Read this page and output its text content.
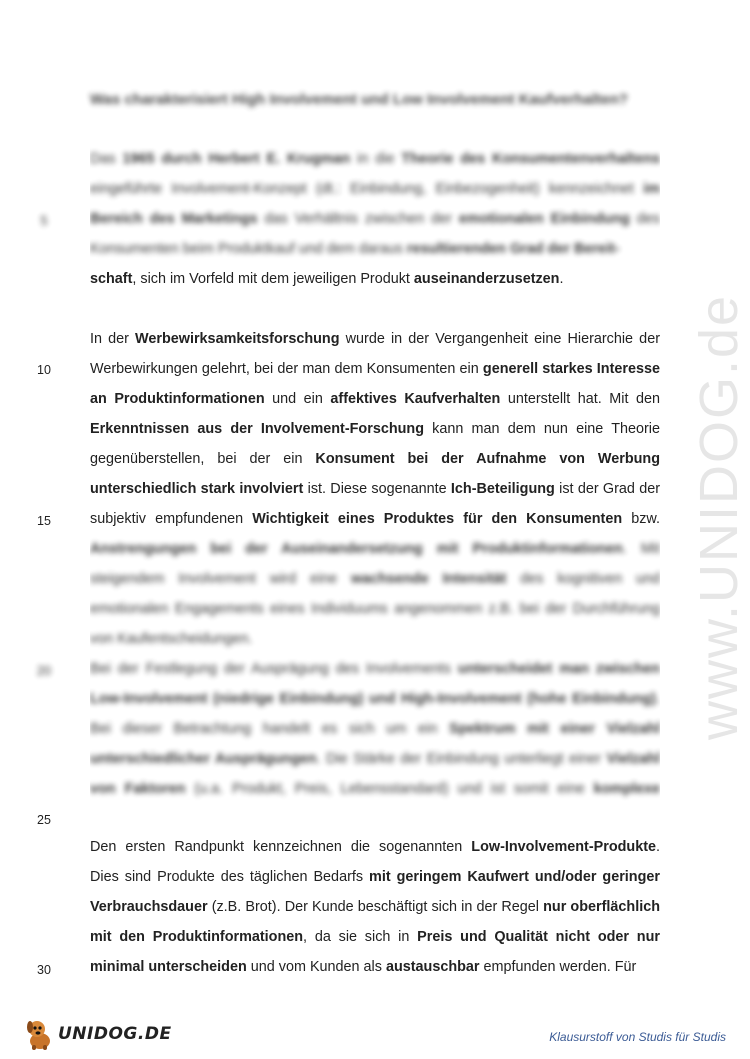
www.UNIDOG.de
Was charakterisiert High Involvement und Low Involvement Kaufverhalten?
Das 1965 durch Herbert E. Krugman in die Theorie des Konsumentenverhaltens eingeführte Involvement-Konzept (dt.: Einbindung, Einbezogenheit) kennzeichnet im Bereich des Marketings das Verhältnis zwischen der emotionalen Einbindung des Konsumenten beim Produktkauf und dem daraus resultierenden Grad der Bereit-
schaft, sich im Vorfeld mit dem jeweiligen Produkt auseinanderzusetzen.
In der Werbewirksamkeitsforschung wurde in der Vergangenheit eine Hierarchie der Werbewirkungen gelehrt, bei der man dem Konsumenten ein generell starkes Interesse an Produktinformationen und ein affektives Kaufverhalten unterstellt hat. Mit den Erkenntnissen aus der Involvement-Forschung kann man dem nun eine Theorie gegenüberstellen, bei der ein Konsument bei der Aufnahme von Werbung unterschiedlich stark involviert ist. Diese sogenannte Ich-Beteiligung ist der Grad der subjektiv empfundenen Wichtigkeit eines Produktes für den Konsumenten bzw.
Anstrengungen bei der Auseinandersetzung mit Produktinformationen. Mit steigendem Involvement wird eine wachsende Intensität des kognitiven und emotionalen Engagements eines Individuums angenommen z.B. bei der Durchführung von Kaufentscheidungen.
Bei der Festlegung der Ausprägung des Involvements unterscheidet man zwischen Low-Involvement (niedrige Einbindung) und High-Involvement (hohe Einbindung). Bei dieser Betrachtung handelt es sich um ein Spektrum mit einer Vielzahl unterschiedlicher Ausprägungen. Die Stärke der Einbindung unterliegt einer Vielzahl von Faktoren (u.a. Produkt, Preis, Lebensstandard) und ist somit eine komplexe
Den ersten Randpunkt kennzeichnen die sogenannten Low-Involvement-Produkte. Dies sind Produkte des täglichen Bedarfs mit geringem Kaufwert und/oder geringer Verbrauchsdauer (z.B. Brot). Der Kunde beschäftigt sich in der Regel nur oberflächlich mit den Produktinformationen, da sie sich in Preis und Qualität nicht oder nur minimal unterscheiden und vom Kunden als austauschbar empfunden werden. Für
5
10
15
20
25
30
UNIDOG.DE	Klausurstoff von Studis für Studis
